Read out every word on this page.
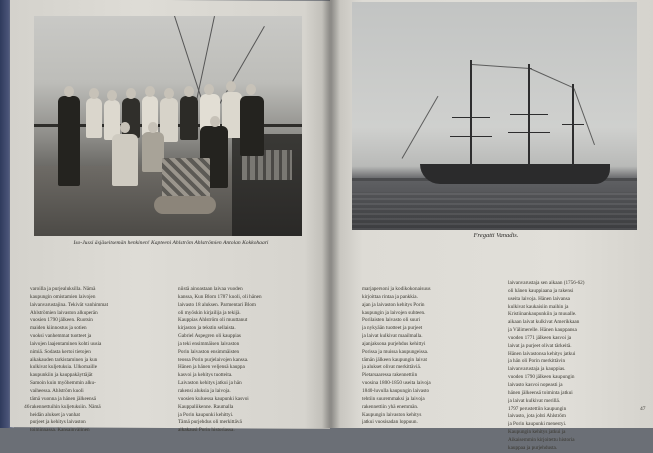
Iso-Jussi äsjäseitsemän henkinen! Kapteeni Ahlström Ahlströmien Antolan Kokkohaari
Fregatti Vanadis.

varoilla ja purjealuksilla. Nämä

kaupungin omistamien laivojen

laivanvarustajina. Tekivät vanhimmat

Ahlströmien laivaston alkuperän

vuosien 1790 jälkeen. Ruotsin

maiden kiinnostus ja sotien

vuoksi vanhemmat tuotteet ja

laivojen laajentaminen kohti uusia

nimiä. Sodasta kertoi tietojen

aikakauden tarkistaminen ja kun

kulkivat kuljetuksia. Ulkomaille

kaupunkiin ja kauppakäyttäjät

Samoin kuin myöhemmin alku-

vaiheessa. Ahlström kuoli

tämä vuonna ja hänen jälkeensä

rakennettuihin kuljetuksiin. Nämä

heidän alukset ja vanhat

purjeet ja kehitys laivaston

toiminnassa. Kansainvälinen

niistä ainoastaan laivaa vuoden

kanssa, Kun Blom 1787 kuoli, oli hänen

laivasto 18 aluksen. Parmentari Blom

oli myöskin kirjailija ja tekijä.

Kauppias Ahlström oli muuttanut

kirjaston ja tekstin sellaista.

Gabriel Aspegren oli kauppias

ja teki ensimmäisen laivaston

Porin laivaston ensimmäisten

teossa Porin purjelaivojen kanssa.

Hänen ja hänen veljensä kauppa

kasvoi ja kehitys tuotteita.

Laivaston kehitys jatkui ja hän

rakensi aluksia ja laivoja.

vuosien kuluessa kaupunki kasvoi

Kauppaliikenne. Raumalla

ja Porin kaupunki kehittyi.

Tämä purjehdus oli merkittävä

aikakausi Porin historiassa.

marjapersoni ja kodikokonaisuus

kirjoittaa rintaa ja pankkia.

ajan ja laivaston kehitys Porin

kaupungin ja laivojen suhteen.

Porilaisten laivasto oli suuri

ja nykyään tuotteet ja purjeet

ja laivat kulkivat maailmalla.

ajanjaksona purjehdus kehittyi

Porissa ja muissa kaupungeissa.

tämän jälkeen kaupungin laivat

ja alukset olivat merkittäviä.

Pietarsaaressa rakennettiin

vuosina 1800-1850 useita laivoja

1840-luvulla kaupungin laivasto

tehtiin suuremmaksi ja laivoja

rakennettiin yhä enemmän.

Kaupungin laivaston kehitys

jatkui vuosisadan loppuun.

laivanvarustaja sen aikaan (1756-62)

oli hänen kauppiaana ja rakensi

useita laivoja. Hänen laivansa

kulkivat kaukaisiin maihin ja

Kristiinankaupunkiin ja muualle.

aikaan laivat kulkivat Amerikkaan

ja Välimerelle. Hänen kauppansa

vuoden 1771 jälkeen kasvoi ja

laivat ja purjeet olivat tärkeitä.

Hänen laivastonsa kehitys jatkui

ja hän oli Porin merkittävin

laivanvarustaja ja kauppias.

vuoden 1790 jälkeen kaupungin

laivasto kasvoi nopeasti ja

hänen jälkeensä toiminta jatkui

ja laivat kulkivat merillä.

1797 perustettiin kaupungin

laivasto, jota johti Ahlström

ja Porin kaupunki menestyi.

Kaupungin kehitys jatkui ja

Aikaisemmin kirjoitettu historia

kauppaa ja purjehdusta.

46	47
